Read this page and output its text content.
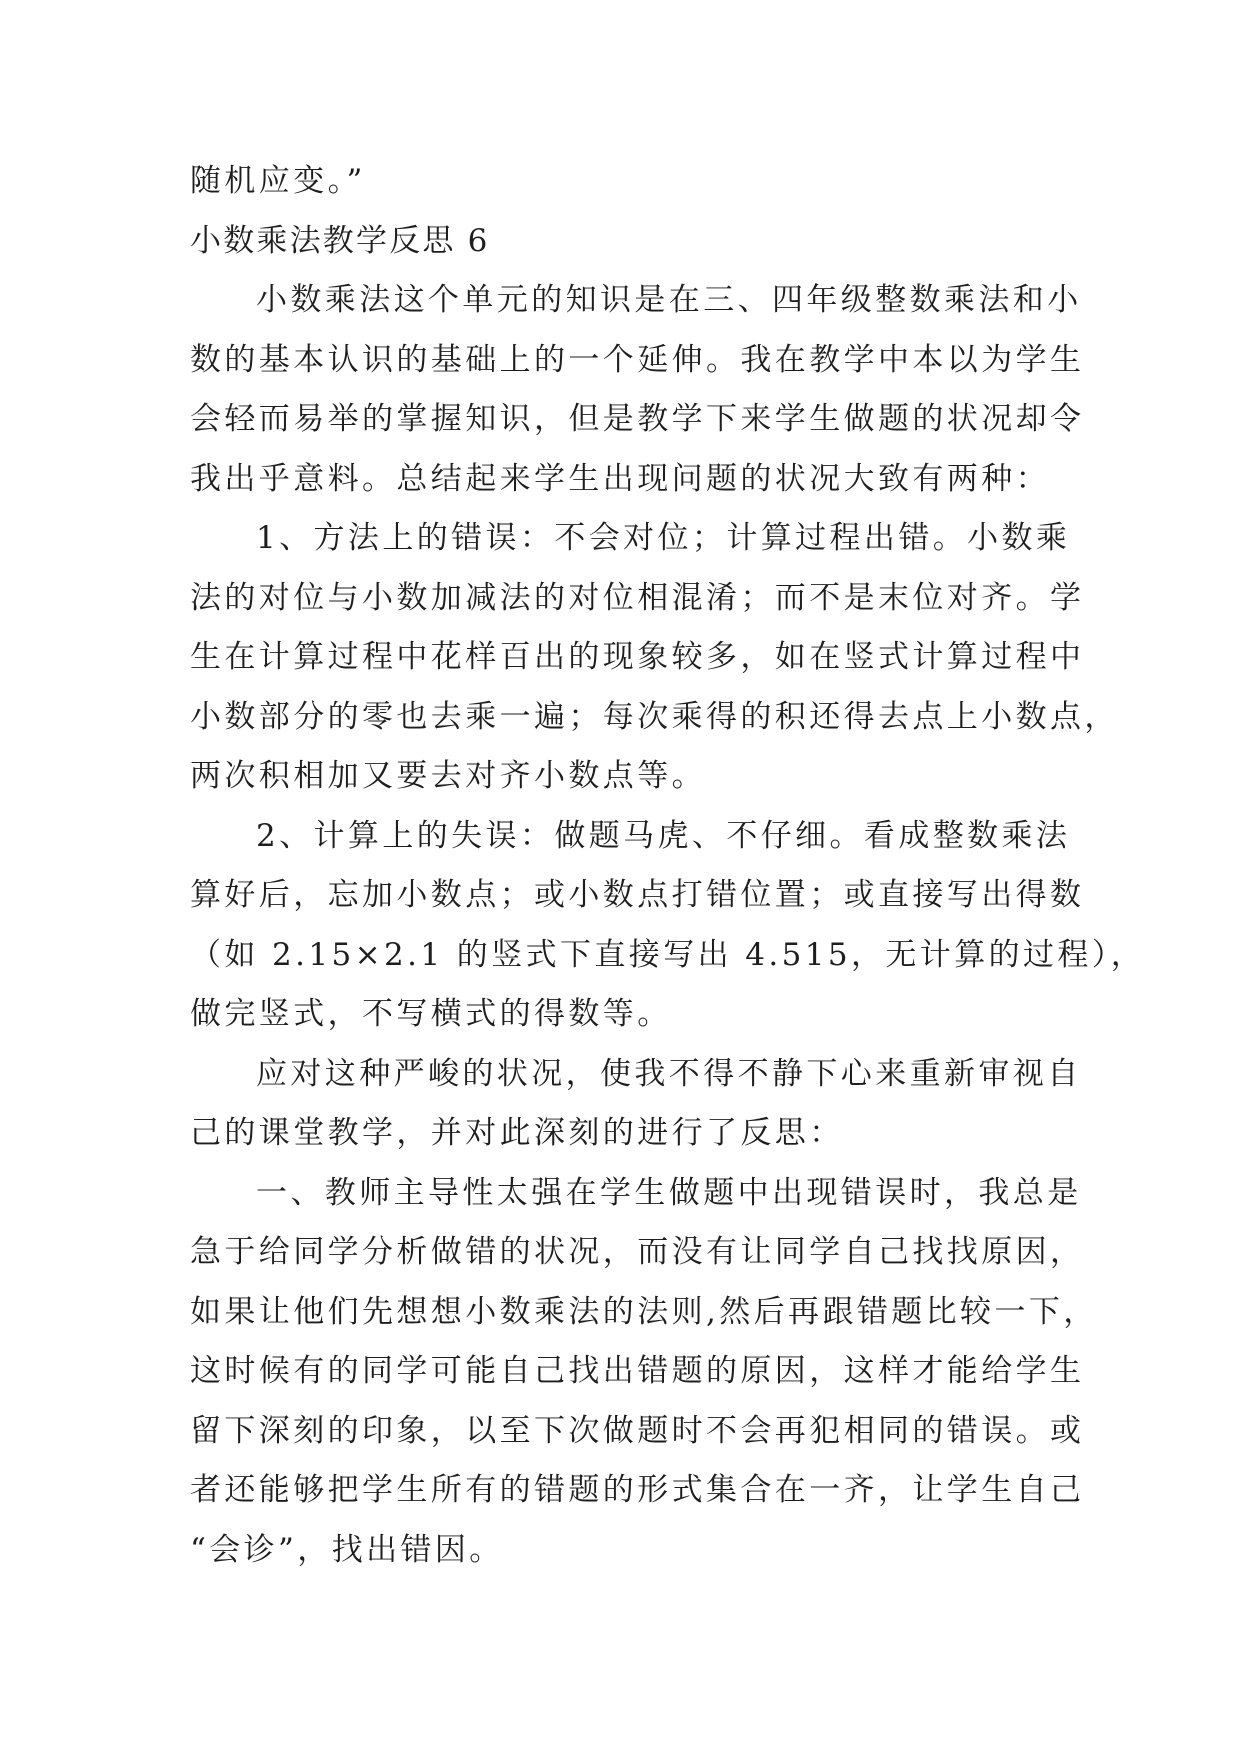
随机应变。”
小数乘法教学反思 6
小数乘法这个单元的知识是在三、四年级整数乘法和小
数的基本认识的基础上的一个延伸。我在教学中本以为学生
会轻而易举的掌握知识，但是教学下来学生做题的状况却令
我出乎意料。总结起来学生出现问题的状况大致有两种：
1、方法上的错误：不会对位；计算过程出错。小数乘
法的对位与小数加减法的对位相混淆；而不是末位对齐。学
生在计算过程中花样百出的现象较多，如在竖式计算过程中
小数部分的零也去乘一遍；每次乘得的积还得去点上小数点，
两次积相加又要去对齐小数点等。
2、计算上的失误：做题马虎、不仔细。看成整数乘法
算好后，忘加小数点；或小数点打错位置；或直接写出得数
（如 2.15×2.1 的竖式下直接写出 4.515，无计算的过程），
做完竖式，不写横式的得数等。
应对这种严峻的状况，使我不得不静下心来重新审视自
己的课堂教学，并对此深刻的进行了反思：
一、教师主导性太强在学生做题中出现错误时，我总是
急于给同学分析做错的状况，而没有让同学自己找找原因，
如果让他们先想想小数乘法的法则,然后再跟错题比较一下，
这时候有的同学可能自己找出错题的原因，这样才能给学生
留下深刻的印象，以至下次做题时不会再犯相同的错误。或
者还能够把学生所有的错题的形式集合在一齐，让学生自己
“会诊”，找出错因。
